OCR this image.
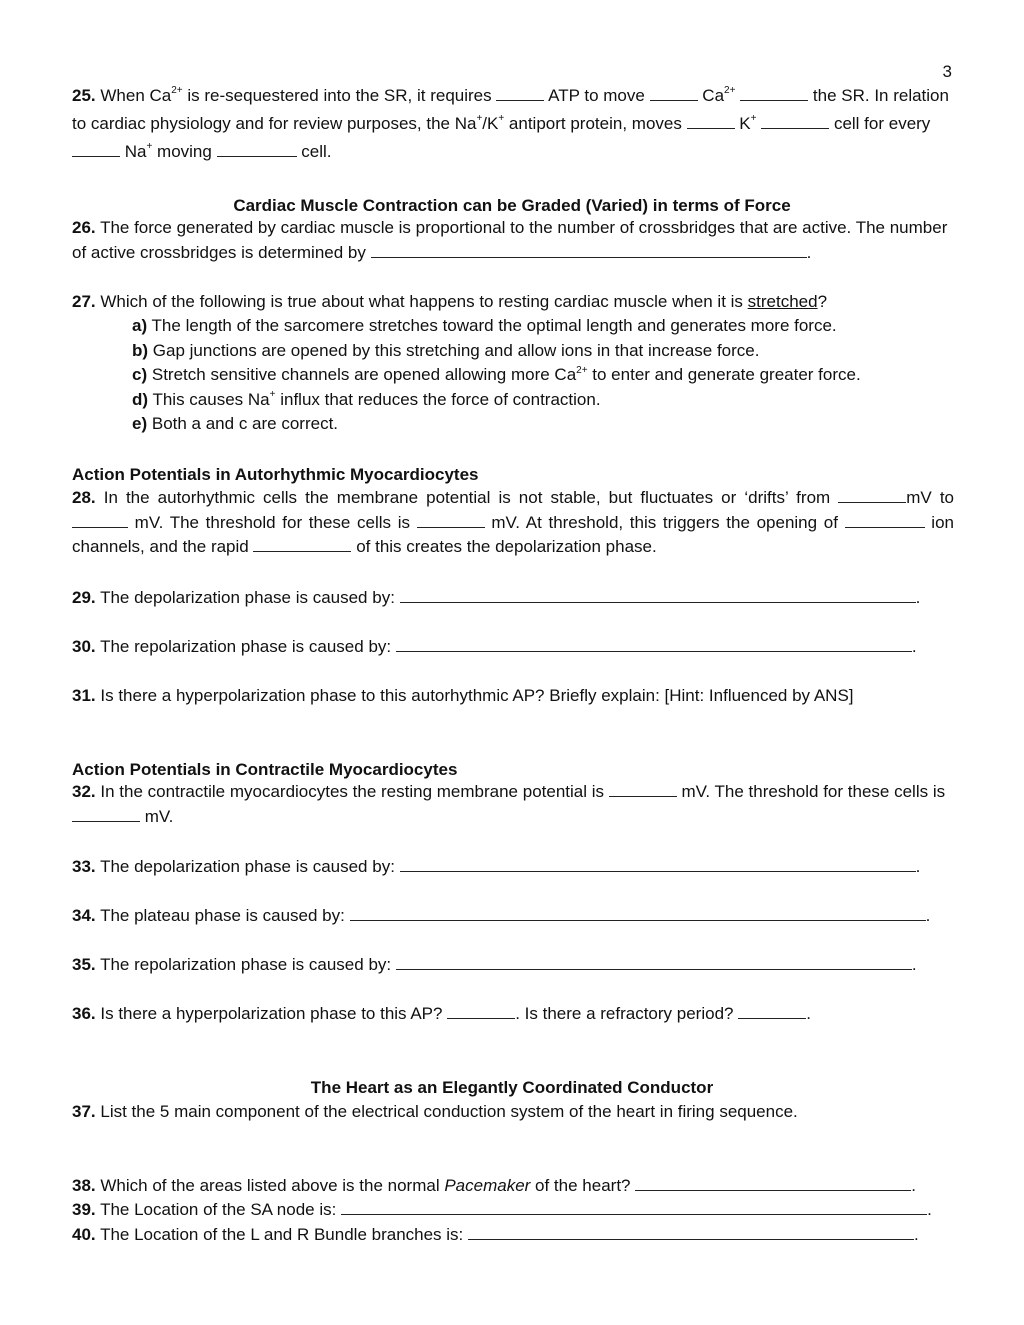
3
25. When $Ca^{2+}$ is re-sequestered into the SR, it requires	ATP to move	$Ca^{2+}$	the SR. In relation to cardiac physiology and for review purposes, the Na+/K+ antiport protein, moves	K+	cell for every  Na+ moving	cell.
Cardiac Muscle Contraction can be Graded (Varied) in terms of Force
26. The force generated by cardiac muscle is proportional to the number of crossbridges that are active. The number of active crossbridges is determined by	.
27. Which of the following is true about what happens to resting cardiac muscle when it is stretched?
a) The length of the sarcomere stretches toward the optimal length and generates more force.
b) Gap junctions are opened by this stretching and allow ions in that increase force.
c) Stretch sensitive channels are opened allowing more $Ca^{2+}$ to enter and generate greater force.
d) This causes Na+ influx that reduces the force of contraction.
e) Both a and c are correct.
Action Potentials in Autorhythmic Myocardiocytes
28. In the autorhythmic cells the membrane potential is not stable, but fluctuates or ‘drifts’ from	mV to  mV. The threshold for these cells is	mV. At threshold, this triggers the opening of	ion channels, and the rapid	of this creates the depolarization phase.
29. The depolarization phase is caused by:	.
30. The repolarization phase is caused by:	.
31. Is there a hyperpolarization phase to this autorhythmic AP? Briefly explain: [Hint: Influenced by ANS]
Action Potentials in Contractile Myocardiocytes
32. In the contractile myocardiocytes the resting membrane potential is	mV. The threshold for these cells is  mV.
33. The depolarization phase is caused by:	.
34. The plateau phase is caused by:	.
35. The repolarization phase is caused by:	.
36. Is there a hyperpolarization phase to this AP?	. Is there a refractory period?	.
The Heart as an Elegantly Coordinated Conductor
37. List the 5 main component of the electrical conduction system of the heart in firing sequence.
38. Which of the areas listed above is the normal Pacemaker of the heart?	.
39. The Location of the SA node is:	.
40. The Location of the L and R Bundle branches is:	.
